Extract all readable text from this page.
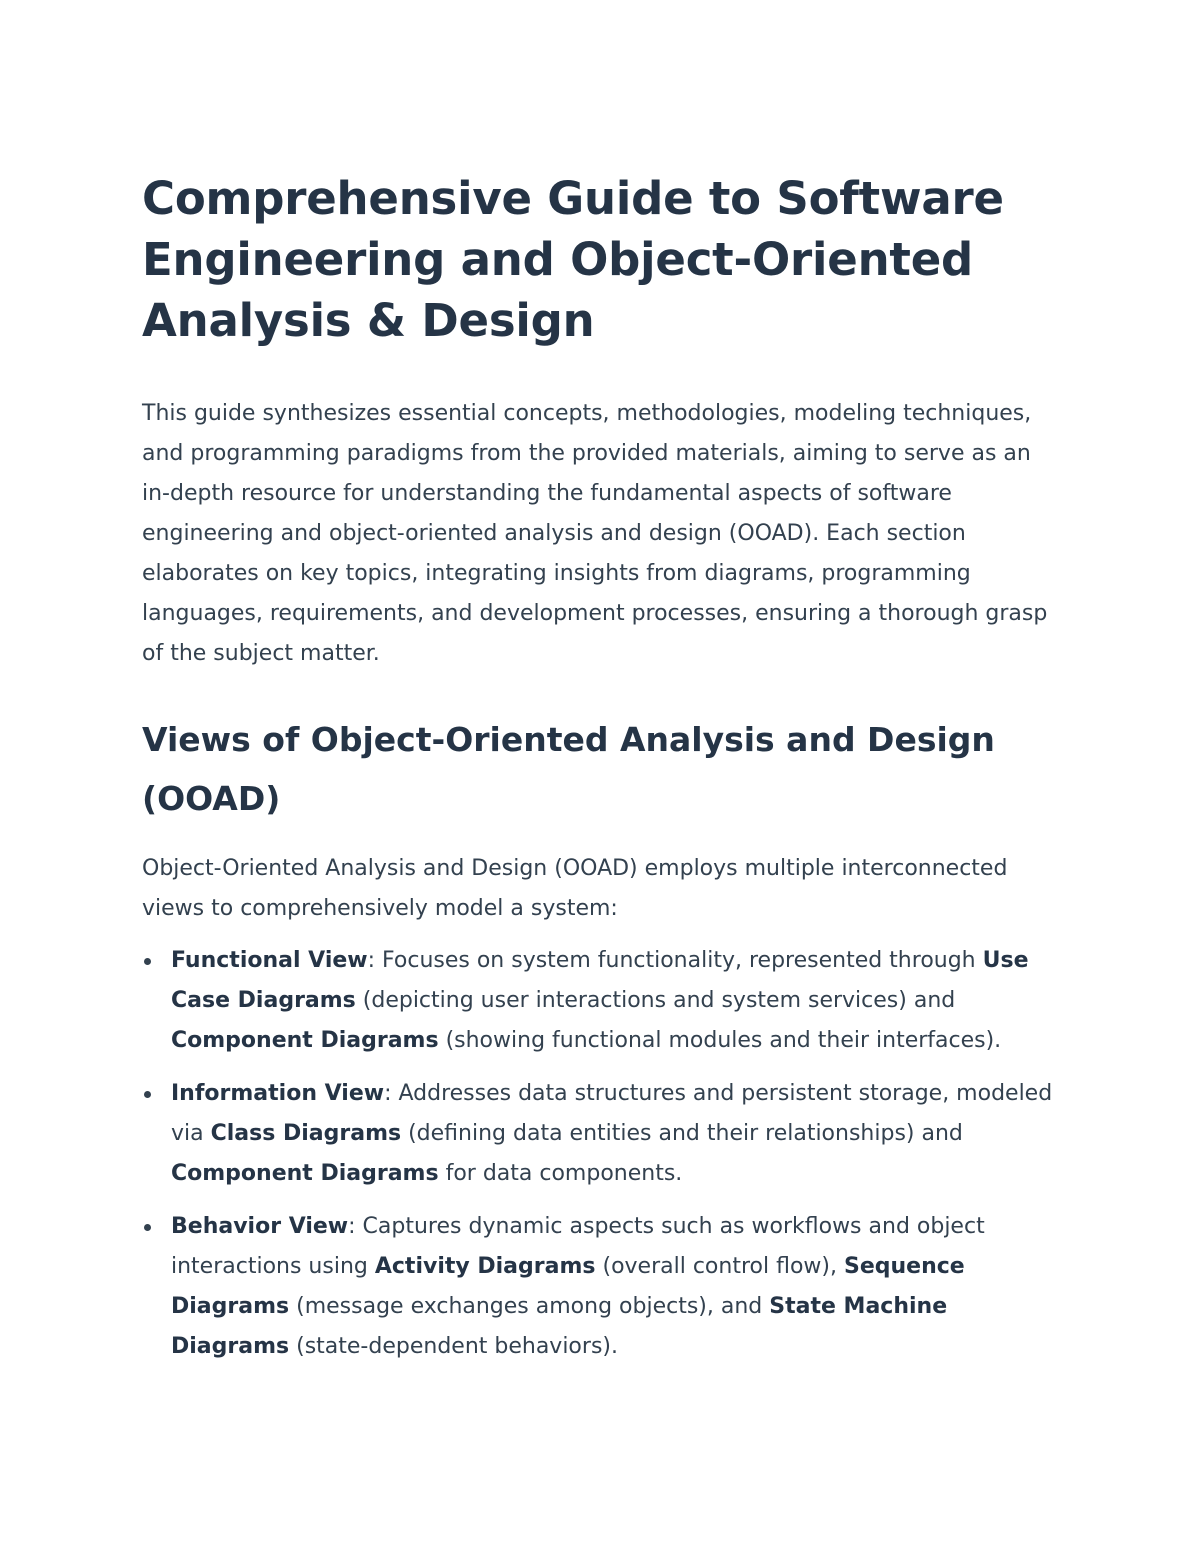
Comprehensive Guide to Software Engineering and Object-Oriented Analysis & Design

This guide synthesizes essential concepts, methodologies, modeling techniques, and programming paradigms from the provided materials, aiming to serve as an in-depth resource for understanding the fundamental aspects of software engineering and object-oriented analysis and design (OOAD). Each section elaborates on key topics, integrating insights from diagrams, programming languages, requirements, and development processes, ensuring a thorough grasp of the subject matter.

Views of Object-Oriented Analysis and Design (OOAD)

Object-Oriented Analysis and Design (OOAD) employs multiple interconnected views to comprehensively model a system:

Functional View: Focuses on system functionality, represented through Use Case Diagrams (depicting user interactions and system services) and Component Diagrams (showing functional modules and their interfaces).
Information View: Addresses data structures and persistent storage, modeled via Class Diagrams (defining data entities and their relationships) and Component Diagrams for data components.
Behavior View: Captures dynamic aspects such as workflows and object interactions using Activity Diagrams (overall control flow), Sequence Diagrams (message exchanges among objects), and State Machine Diagrams (state-dependent behaviors).
